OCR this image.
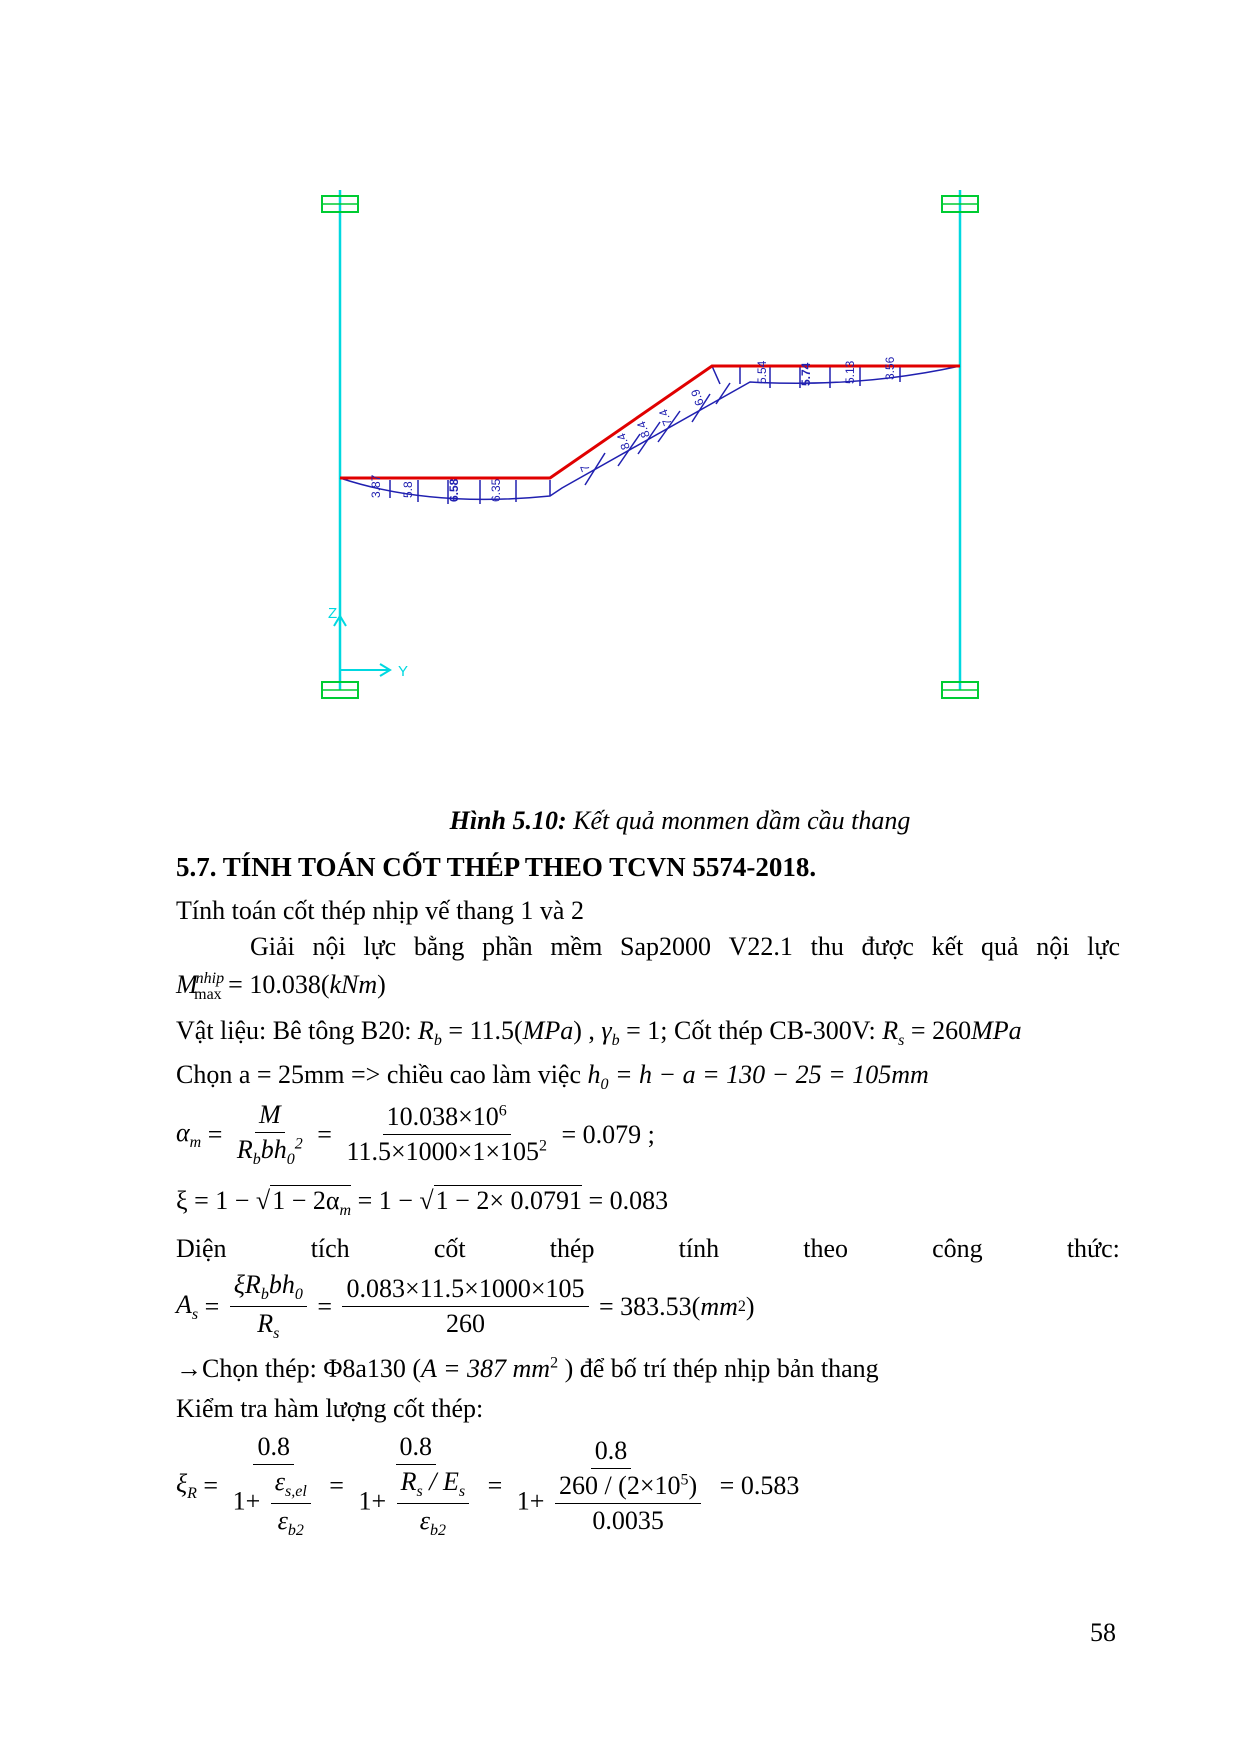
3.87 5.8	6.58 6.35
7
8.4
8.4
7.4
6.9
5.54	5.74	5.13 3.56
Z
Y
Hình 5.10: Kết quả monmen dầm cầu thang
5.7. TÍNH TOÁN CỐT THÉP THEO TCVN 5574-2018.
Tính toán cốt thép nhịp vế thang 1 và 2
Giải nội lực bằng phần mềm Sap2000 V22.1 thu được kết quả nội lực
$M^{nhip}_{max} = 10.038(kNm)$
Vật liệu: Bê tông B20: $R_b = 11.5(MPa)$ , $\gamma_b = 1$; Cốt thép CB-300V: $R_s = 260MPa$
Chọn a = 25mm => chiều cao làm việc $h_0 = h - a = 130 - 25 = 105mm$
$\alpha_m = \frac{M}{R_bbh_0^2} = \frac{10.038\times 10^6}{11.5\times 1000\times 1\times 105^2}$
= 0.079 ;
$\xi = 1 - √1 - 2\alpha_m = 1 - √1 - 2\times 0.0791 = 0.083$
Diện	tích	cốt	thép	tính	theo	công	thức:
$A_s = \frac{\xi R_bbh_0}{R_s} = \frac{0.083\times 11.5\times 1000\times 105}{260}$
= 383.53( mm 2 )
→Chọn thép: Φ8a130 (A = 387 $mm^2$ ) để bố trí thép nhịp bản thang
Kiểm tra hàm lượng cốt thép:
$\xi_R = \frac{0.8}{1+ \frac{\varepsilon_{s,el}}{\varepsilon_{b2}}} = \frac{0.8}{1+ \frac{R_s / E_s}{\varepsilon_{b2}}} = \frac{0.8}{1+ \frac{260 / (2\times 10^5)}{0.0035}}$
= 0.583
58
